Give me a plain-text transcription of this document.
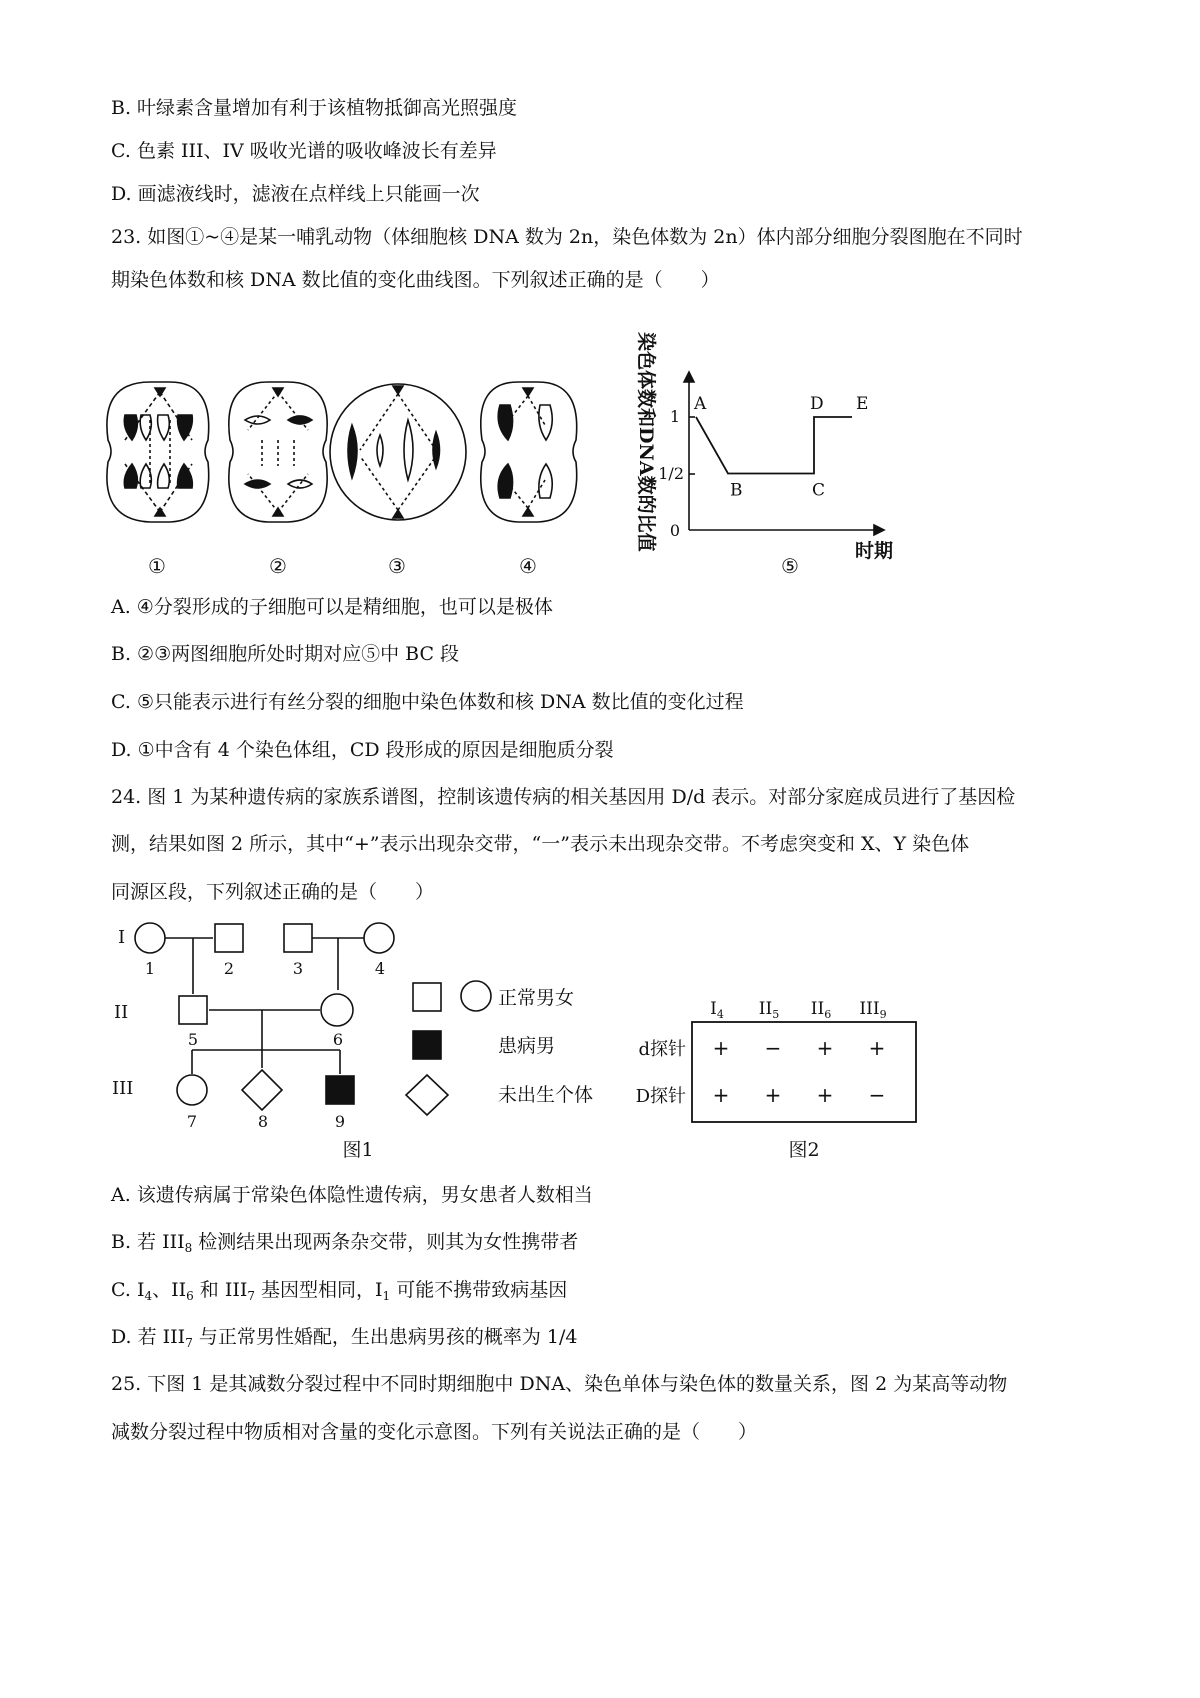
B. 叶绿素含量增加有利于该植物抵御高光照强度
C. 色素 III、IV 吸收光谱的吸收峰波长有差异
D. 画滤液线时，滤液在点样线上只能画一次
23. 如图①~④是某一哺乳动物（体细胞核 DNA 数为 2n，染色体数为 2n）体内部分细胞分裂图胞在不同时
期染色体数和核 DNA 数比值的变化曲线图。下列叙述正确的是（　　）
①	②	③	④
染色体数和DNA数的比值 1
1/2
0
A
B	C
D E
时期
⑤
A. ④分裂形成的子细胞可以是精细胞，也可以是极体
B. ②③两图细胞所处时期对应⑤中 BC 段
C. ⑤只能表示进行有丝分裂的细胞中染色体数和核 DNA 数比值的变化过程
D. ①中含有 4 个染色体组，CD 段形成的原因是细胞质分裂
24. 图 1 为某种遗传病的家族系谱图，控制该遗传病的相关基因用 D/d 表示。对部分家庭成员进行了基因检
测，结果如图 2 所示，其中“+”表示出现杂交带，“一”表示未出现杂交带。不考虑突变和 X、Y 染色体
同源区段，下列叙述正确的是（　　）
I
II
III
1	2	3	4
5	6
7	8	9
正常男女
患病男
未出生个体
图1
$I_4$ $II_5$ $II_6$ $III_9$
d探针 + − + +
D探针 + + + −
图2
A. 该遗传病属于常染色体隐性遗传病，男女患者人数相当
B. 若 $III_8$ 检测结果出现两条杂交带，则其为女性携带者
C. $I_4$、$II_6$ 和 $III_7$ 基因型相同，$I_1$ 可能不携带致病基因
D. 若 $III_7$ 与正常男性婚配，生出患病男孩的概率为 1/4
25. 下图 1 是其减数分裂过程中不同时期细胞中 DNA、染色单体与染色体的数量关系，图 2 为某高等动物
减数分裂过程中物质相对含量的变化示意图。下列有关说法正确的是（　　）
